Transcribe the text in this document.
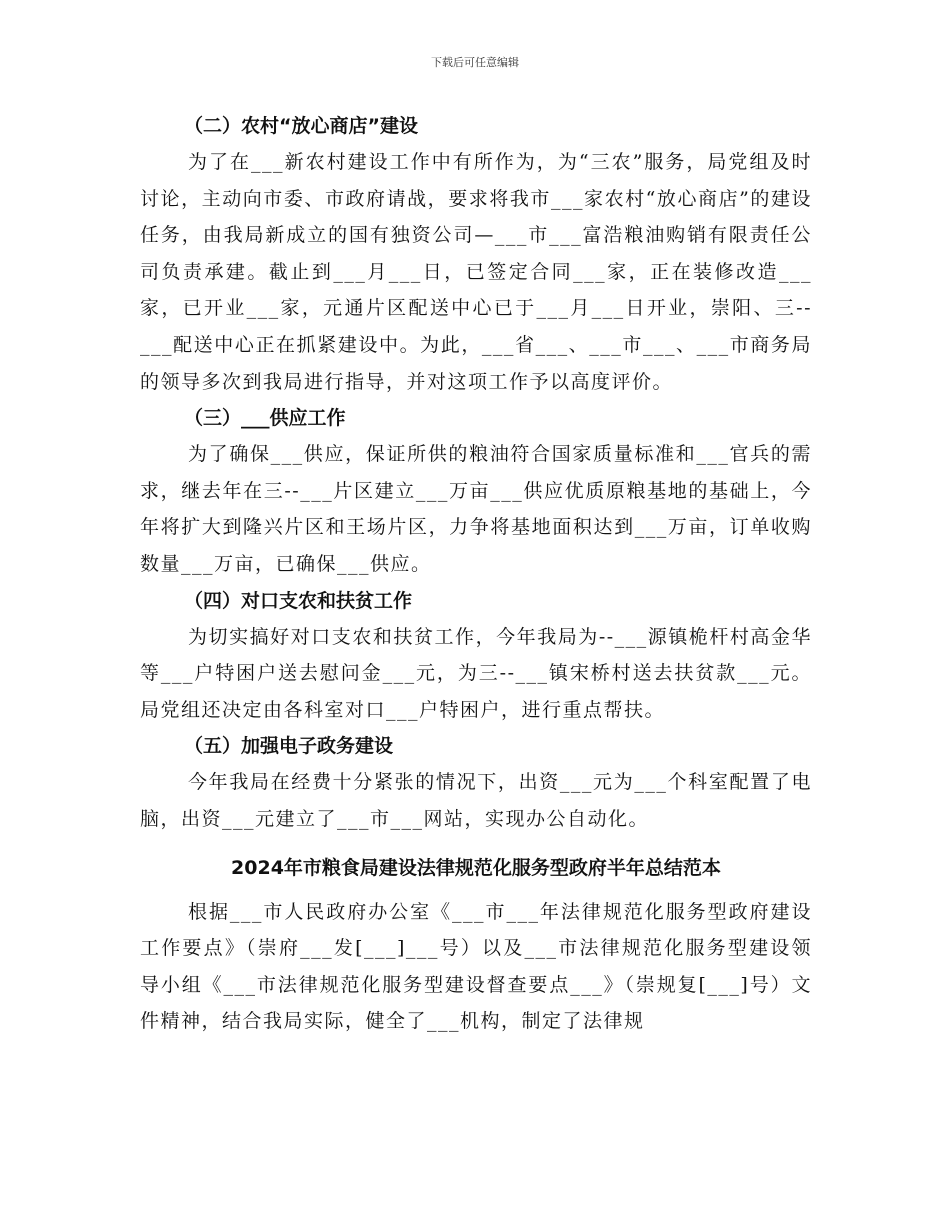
下载后可任意编辑
（二）农村“放心商店”建设

为了在___新农村建设工作中有所作为，为“三农”服务，局党组及时讨论，主动向市委、市政府请战，要求将我市___家农村“放心商店”的建设任务，由我局新成立的国有独资公司—___市___富浩粮油购销有限责任公司负责承建。截止到___月___日，已签定合同___家，正在装修改造___家，已开业___家，元通片区配送中心已于___月___日开业，崇阳、三--___配送中心正在抓紧建设中。为此，___省___、___市___、___市商务局的领导多次到我局进行指导，并对这项工作予以高度评价。

（三）___供应工作

为了确保___供应，保证所供的粮油符合国家质量标准和___官兵的需求，继去年在三--___片区建立___万亩___供应优质原粮基地的基础上，今年将扩大到隆兴片区和王场片区，力争将基地面积达到___万亩，订单收购数量___万亩，已确保___供应。

（四）对口支农和扶贫工作

为切实搞好对口支农和扶贫工作，今年我局为--___源镇桅杆村高金华等___户特困户送去慰问金___元，为三--___镇宋桥村送去扶贫款___元。局党组还决定由各科室对口___户特困户，进行重点帮扶。

（五）加强电子政务建设

今年我局在经费十分紧张的情况下，出资___元为___个科室配置了电脑，出资___元建立了___市___网站，实现办公自动化。

2024年市粮食局建设法律规范化服务型政府半年总结范本

根据___市人民政府办公室《___市___年法律规范化服务型政府建设工作要点》（崇府___发[___]___号）以及___市法律规范化服务型建设领导小组《___市法律规范化服务型建设督查要点___》（崇规复[___]号）文件精神，结合我局实际，健全了___机构，制定了法律规
